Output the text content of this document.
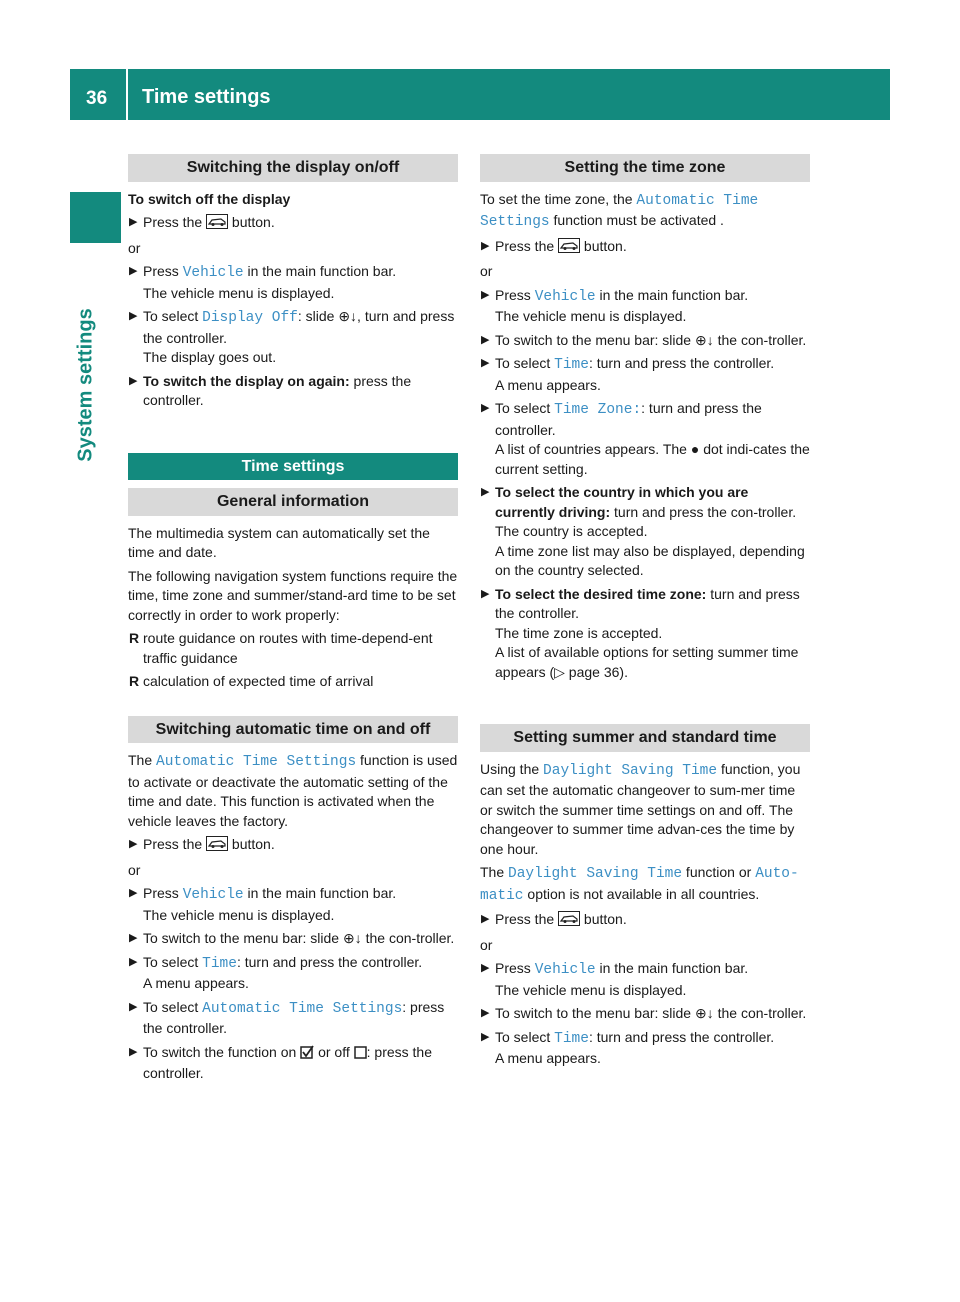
36 Time settings
System settings
Switching the display on/off

To switch off the display

▶ Press the  button.

or

▶ Press Vehicle in the main function bar.
The vehicle menu is displayed.
▶ To select Display Off: slide ⊕↓, turn and press the controller.
The display goes out.
▶ To switch the display on again: press the controller.
Time settings
General information

The multimedia system can automatically set the time and date.

The following navigation system functions require the time, time zone and summer/stand-ard time to be set correctly in order to work properly:

R route guidance on routes with time-depend-ent traffic guidance
R calculation of expected time of arrival
Switching automatic time on and off

The Automatic Time Settings function is used to activate or deactivate the automatic setting of the time and date. This function is activated when the vehicle leaves the factory.

▶ Press the  button.

or

▶ Press Vehicle in the main function bar.
The vehicle menu is displayed.
▶ To switch to the menu bar: slide ⊕↓ the con-troller.
▶ To select Time: turn and press the controller.
A menu appears.
▶ To select Automatic Time Settings: press the controller.
▶ To switch the function on  or off : press the controller.
Setting the time zone

To set the time zone, the Automatic Time Settings function must be activated .

▶ Press the  button.

or

▶ Press Vehicle in the main function bar.
The vehicle menu is displayed.
▶ To switch to the menu bar: slide ⊕↓ the con-troller.
▶ To select Time: turn and press the controller.
A menu appears.
▶ To select Time Zone:: turn and press the controller.
A list of countries appears. The ● dot indi-cates the current setting.
▶ To select the country in which you are currently driving: turn and press the con-troller.
The country is accepted.
A time zone list may also be displayed, depending on the country selected.
▶ To select the desired time zone: turn and press the controller.
The time zone is accepted.
A list of available options for setting summer time appears (▷ page 36).
Setting summer and standard time

Using the Daylight Saving Time function, you can set the automatic changeover to sum-mer time or switch the summer time settings on and off. The changeover to summer time advan-ces the time by one hour.

The Daylight Saving Time function or Auto-matic option is not available in all countries.

▶ Press the  button.

or

▶ Press Vehicle in the main function bar.
The vehicle menu is displayed.
▶ To switch to the menu bar: slide ⊕↓ the con-troller.
▶ To select Time: turn and press the controller.
A menu appears.
